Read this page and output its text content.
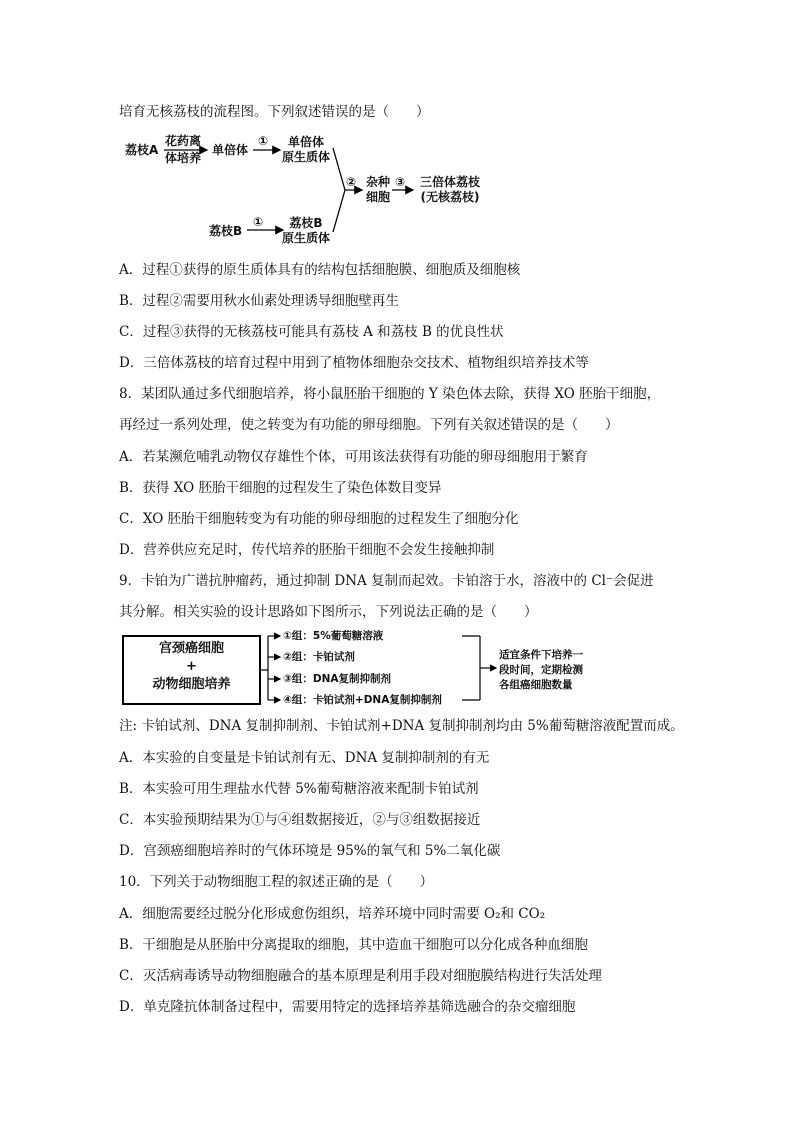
培育无核荔枝的流程图。下列叙述错误的是（　　）
荔枝A
花药离
体培养
单倍体
①	单倍体
原生质体
② 杂种
细胞
③	三倍体荔枝
(无核荔枝)
荔枝B
①	荔枝B
原生质体
A．过程①获得的原生质体具有的结构包括细胞膜、细胞质及细胞核
B．过程②需要用秋水仙素处理诱导细胞壁再生
C．过程③获得的无核荔枝可能具有荔枝 A 和荔枝 B 的优良性状
D．三倍体荔枝的培育过程中用到了植物体细胞杂交技术、植物组织培养技术等
8．某团队通过多代细胞培养，将小鼠胚胎干细胞的 Y 染色体去除，获得 XO 胚胎干细胞，
再经过一系列处理，使之转变为有功能的卵母细胞。下列有关叙述错误的是（　　）
A．若某濒危哺乳动物仅存雄性个体，可用该法获得有功能的卵母细胞用于繁育
B．获得 XO 胚胎干细胞的过程发生了染色体数目变异
C．XO 胚胎干细胞转变为有功能的卵母细胞的过程发生了细胞分化
D．营养供应充足时，传代培养的胚胎干细胞不会发生接触抑制
9．卡铂为广谱抗肿瘤药，通过抑制 DNA 复制而起效。卡铂溶于水，溶液中的 Cl⁻会促进
其分解。相关实验的设计思路如下图所示，下列说法正确的是（　　）
宫颈癌细胞
+
动物细胞培养
①组：5%葡萄糖溶液
②组：卡铂试剂
③组：DNA复制抑制剂
④组：卡铂试剂+DNA复制抑制剂
适宜条件下培养一
段时间，定期检测
各组癌细胞数量
注: 卡铂试剂、DNA 复制抑制剂、卡铂试剂+DNA 复制抑制剂均由 5%葡萄糖溶液配置而成。
A．本实验的自变量是卡铂试剂有无、DNA 复制抑制剂的有无
B．本实验可用生理盐水代替 5%葡萄糖溶液来配制卡铂试剂
C．本实验预期结果为①与④组数据接近，②与③组数据接近
D．宫颈癌细胞培养时的气体环境是 95%的氧气和 5%二氧化碳
10．下列关于动物细胞工程的叙述正确的是（　　）
A．细胞需要经过脱分化形成愈伤组织，培养环境中同时需要 O₂和 CO₂
B．干细胞是从胚胎中分离提取的细胞，其中造血干细胞可以分化成各种血细胞
C．灭活病毒诱导动物细胞融合的基本原理是利用手段对细胞膜结构进行失活处理
D．单克隆抗体制备过程中，需要用特定的选择培养基筛选融合的杂交瘤细胞
